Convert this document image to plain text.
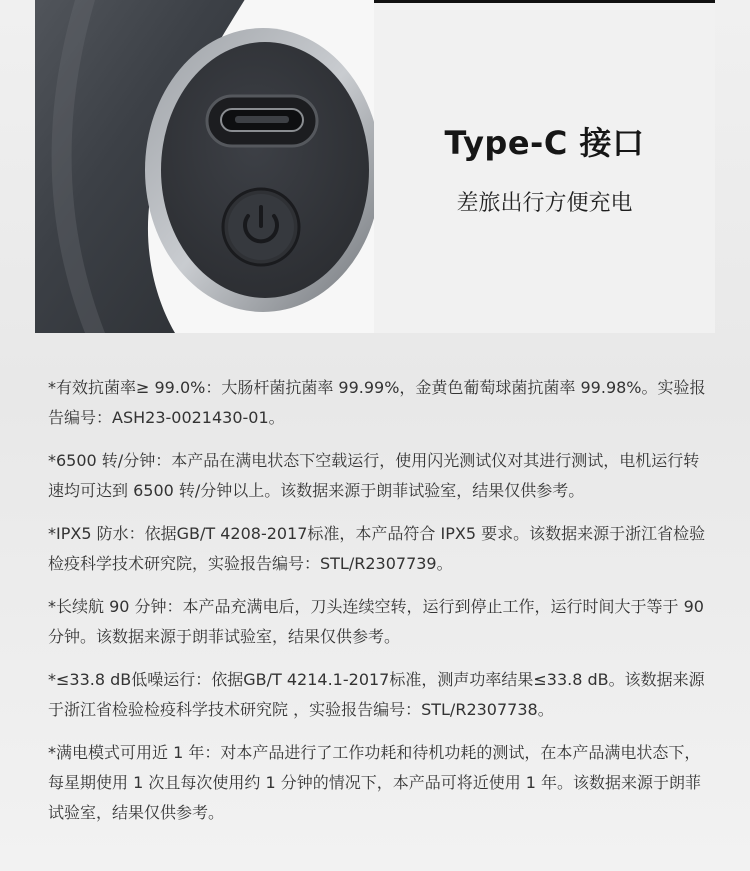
Type-C 接口
差旅出行方便充电
*有效抗菌率≥ 99.0%：大肠杆菌抗菌率 99.99%，金黄色葡萄球菌抗菌率 99.98%。实验报告编号：ASH23-0021430-01。
*6500 转/分钟：本产品在满电状态下空载运行，使用闪光测试仪对其进行测试，电机运行转速均可达到 6500 转/分钟以上。该数据来源于朗菲试验室，结果仅供参考。
*IPX5 防水：依据GB/T 4208-2017标准，本产品符合 IPX5 要求。该数据来源于浙江省检验检疫科学技术研究院，实验报告编号：STL/R2307739。
*长续航 90 分钟：本产品充满电后，刀头连续空转，运行到停止工作，运行时间大于等于 90 分钟。该数据来源于朗菲试验室，结果仅供参考。
*≤33.8 dB低噪运行：依据GB/T 4214.1-2017标准，测声功率结果≤33.8 dB。该数据来源于浙江省检验检疫科学技术研究院 ，实验报告编号：STL/R2307738。
*满电模式可用近 1 年：对本产品进行了工作功耗和待机功耗的测试，在本产品满电状态下，每星期使用 1 次且每次使用约 1 分钟的情况下，本产品可将近使用 1 年。该数据来源于朗菲试验室，结果仅供参考。
